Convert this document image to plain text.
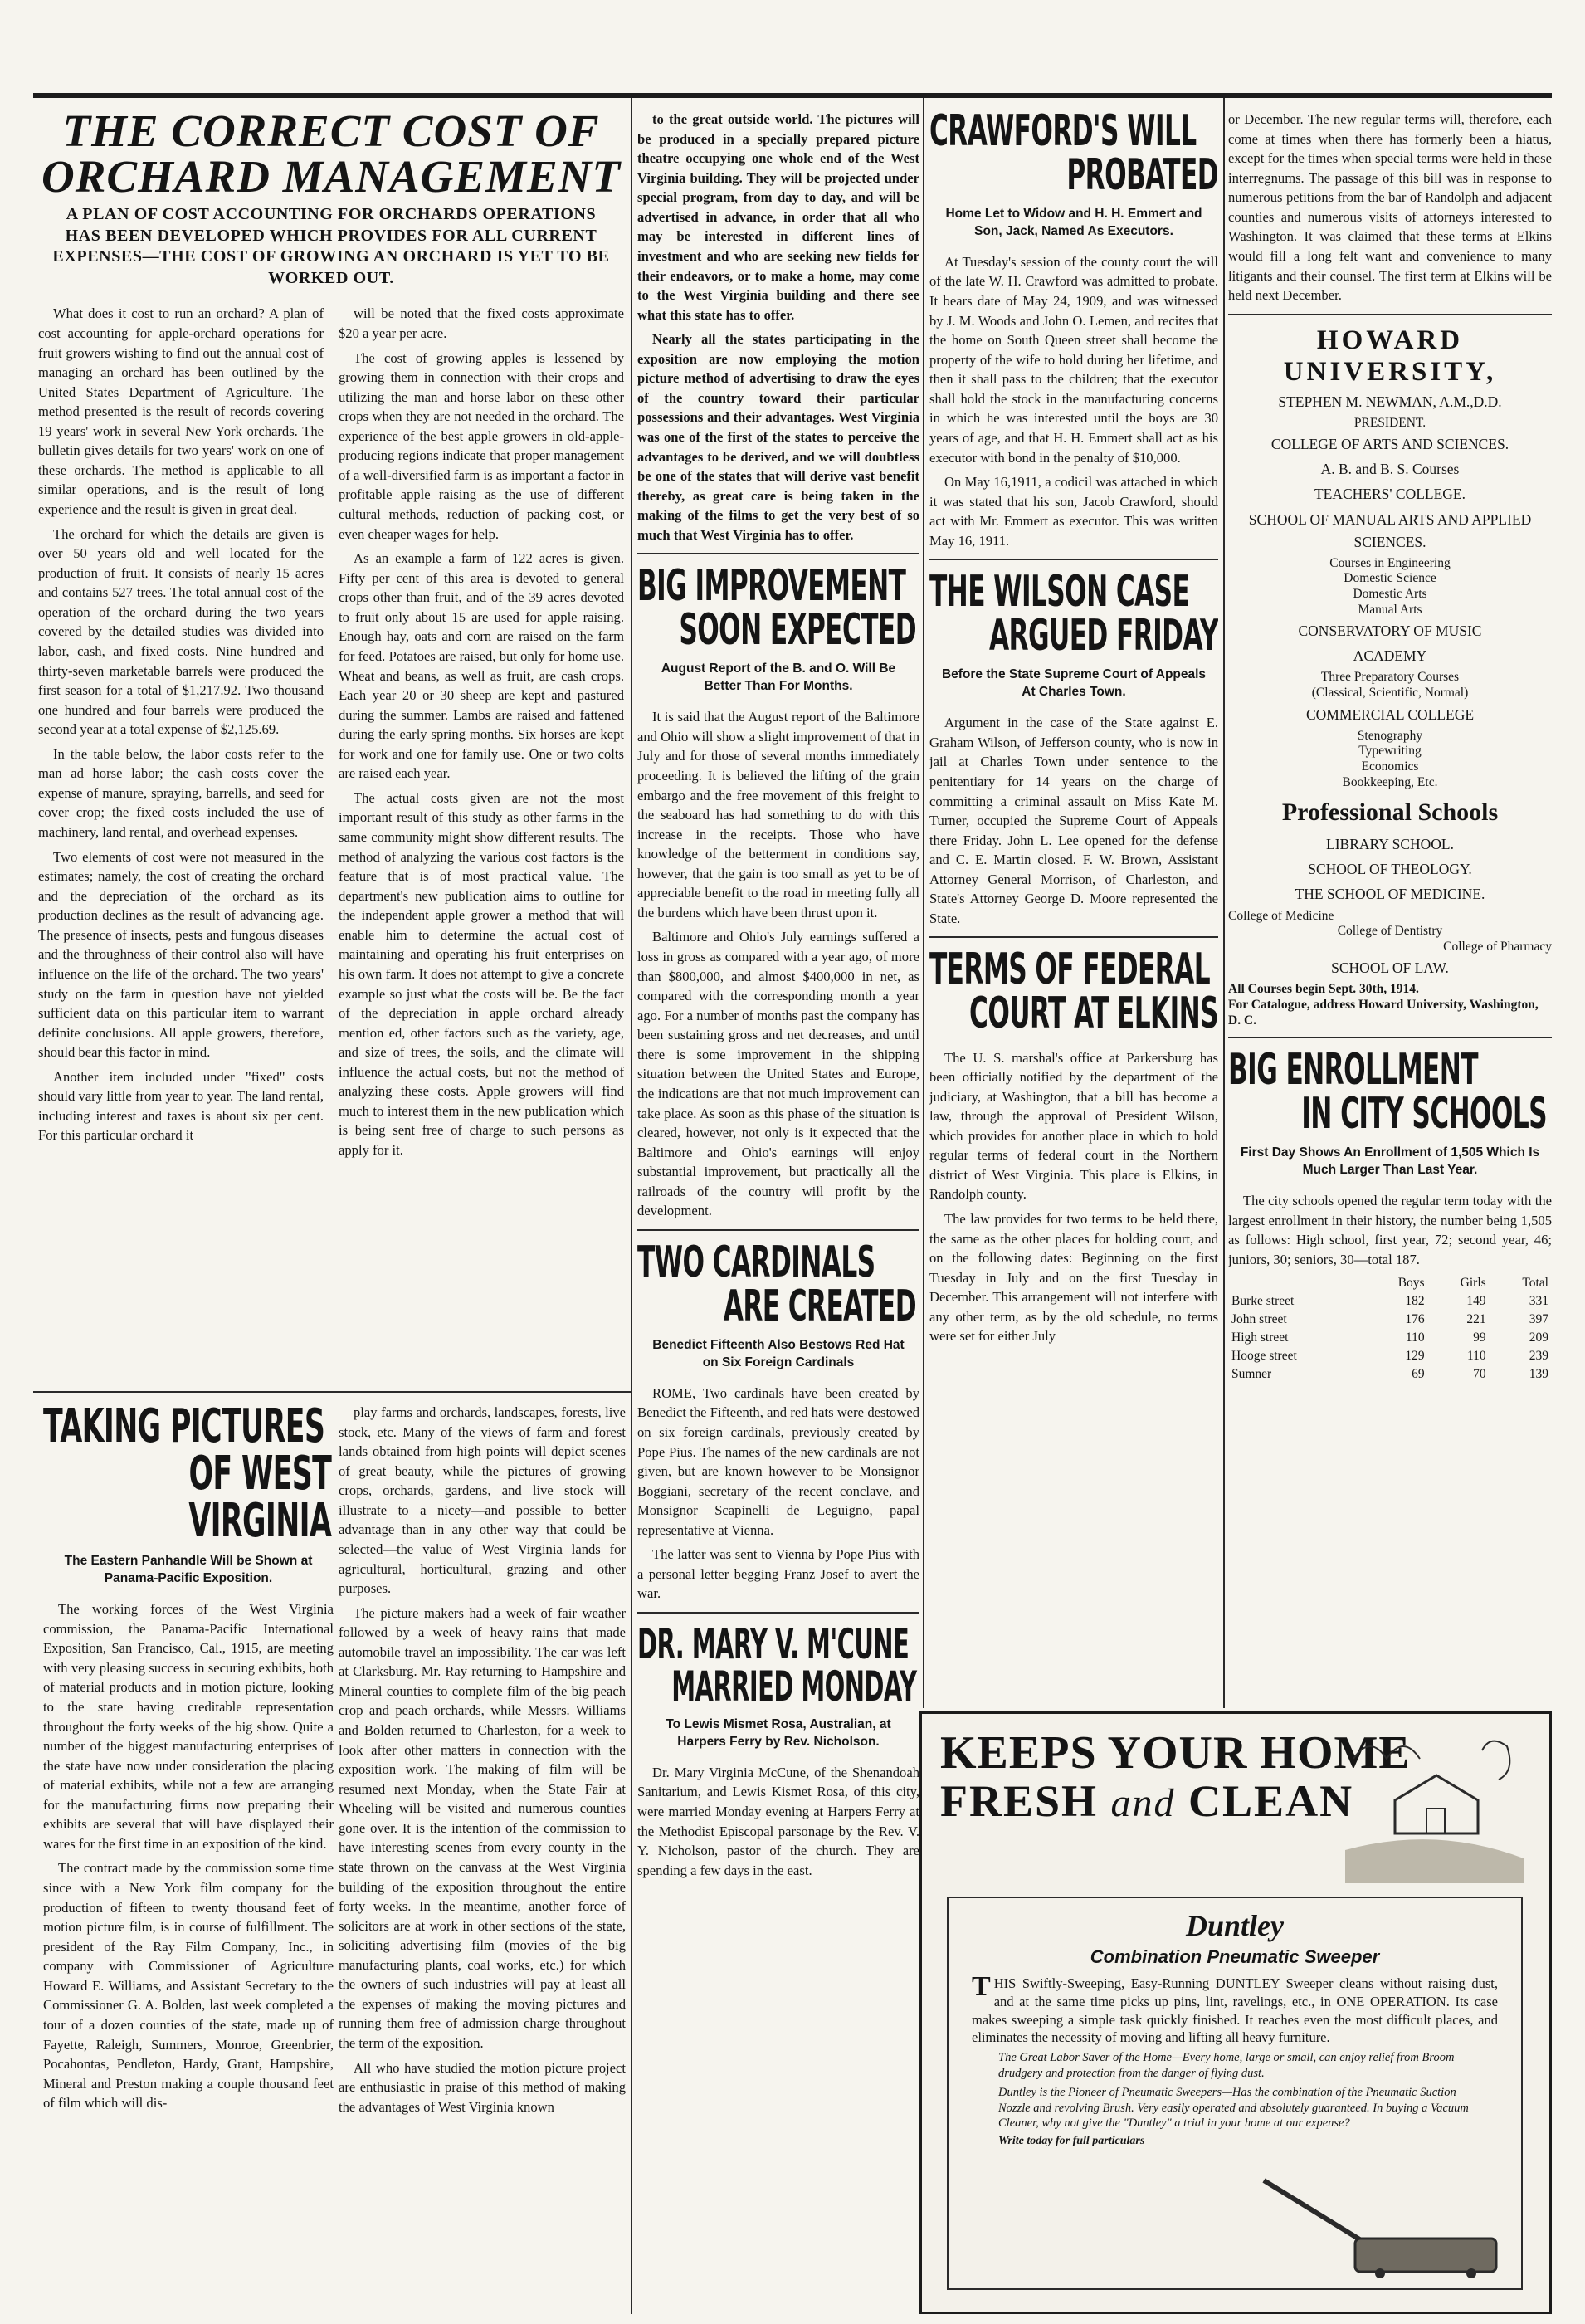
THE CORRECT COST OF
ORCHARD MANAGEMENT
A PLAN OF COST ACCOUNTING FOR ORCHARDS OPERATIONS HAS BEEN DEVELOPED WHICH PROVIDES FOR ALL CURRENT EXPENSES—THE COST OF GROWING AN ORCHARD IS YET TO BE WORKED OUT.

What does it cost to run an orchard? A plan of cost accounting for apple-orchard operations for fruit growers wishing to find out the annual cost of managing an orchard has been outlined by the United States Department of Agriculture. The method presented is the result of records covering 19 years' work in several New York orchards. The bulletin gives details for two years' work on one of these orchards. The method is applicable to all similar operations, and is the result of long experience and the result is given in great deal.

The orchard for which the details are given is over 50 years old and well located for the production of fruit. It consists of nearly 15 acres and contains 527 trees. The total annual cost of the operation of the orchard during the two years covered by the detailed studies was divided into labor, cash, and fixed costs. Nine hundred and thirty-seven marketable barrels were produced the first season for a total of $1,217.92. Two thousand one hundred and four barrels were produced the second year at a total expense of $2,125.69.

In the table below, the labor costs refer to the man ad horse labor; the cash costs cover the expense of manure, spraying, barrells, and seed for cover crop; the fixed costs included the use of machinery, land rental, and overhead expenses.

Two elements of cost were not measured in the estimates; namely, the cost of creating the orchard and the depreciation of the orchard as its production declines as the result of advancing age. The presence of insects, pests and fungous diseases and the throughness of their control also will have influence on the life of the orchard. The two years' study on the farm in question have not yielded sufficient data on this particular item to warrant definite conclusions. All apple growers, therefore, should bear this factor in mind.

Another item included under "fixed" costs should vary little from year to year. The land rental, including interest and taxes is about six per cent. For this particular orchard it

will be noted that the fixed costs approximate $20 a year per acre.

The cost of growing apples is lessened by growing them in connection with their crops and utilizing the man and horse labor on these other crops when they are not needed in the orchard. The experience of the best apple growers in old-apple-producing regions indicate that proper management of a well-diversified farm is as important a factor in profitable apple raising as the use of different cultural methods, reduction of packing cost, or even cheaper wages for help.

As an example a farm of 122 acres is given. Fifty per cent of this area is devoted to general crops other than fruit, and of the 39 acres devoted to fruit only about 15 are used for apple raising. Enough hay, oats and corn are raised on the farm for feed. Potatoes are raised, but only for home use. Wheat and beans, as well as fruit, are cash crops. Each year 20 or 30 sheep are kept and pastured during the summer. Lambs are raised and fattened during the early spring months. Six horses are kept for work and one for family use. One or two colts are raised each year.

The actual costs given are not the most important result of this study as other farms in the same community might show different results. The method of analyzing the various cost factors is the feature that is of most practical value. The department's new publication aims to outline for the independent apple grower a method that will enable him to determine the actual cost of maintaining and operating his fruit enterprises on his own farm. It does not attempt to give a concrete example so just what the costs will be. Be the fact of the depreciation in apple orchard already mention ed, other factors such as the variety, age, and size of trees, the soils, and the climate will influence the actual costs, but not the method of analyzing these costs. Apple growers will find much to interest them in the new publication which is being sent free of charge to such persons as apply for it.

TAKING PICTURES
OF WEST VIRGINIA
The Eastern Panhandle Will be Shown at Panama-Pacific Exposition.

The working forces of the West Virginia commission, the Panama-Pacific International Exposition, San Francisco, Cal., 1915, are meeting with very pleasing success in securing exhibits, both of material products and in motion picture, looking to the state having creditable representation throughout the forty weeks of the big show. Quite a number of the biggest manufacturing enterprises of the state have now under consideration the placing of material exhibits, while not a few are arranging for the manufacturing firms now preparing their exhibits are several that will have displayed their wares for the first time in an exposition of the kind.

The contract made by the commission some time since with a New York film company for the production of fifteen to twenty thousand feet of motion picture film, is in course of fulfillment. The president of the Ray Film Company, Inc., in company with Commissioner of Agriculture Howard E. Williams, and Assistant Secretary to the Commissioner G. A. Bolden, last week completed a tour of a dozen counties of the state, made up of Fayette, Raleigh, Summers, Monroe, Greenbrier, Pocahontas, Pendleton, Hardy, Grant, Hampshire, Mineral and Preston making a couple thousand feet of film which will dis-

play farms and orchards, landscapes, forests, live stock, etc. Many of the views of farm and forest lands obtained from high points will depict scenes of great beauty, while the pictures of growing crops, orchards, gardens, and live stock will illustrate to a nicety—and possible to better advantage than in any other way that could be selected—the value of West Virginia lands for agricultural, horticultural, grazing and other purposes.

The picture makers had a week of fair weather followed by a week of heavy rains that made automobile travel an impossibility. The car was left at Clarksburg. Mr. Ray returning to Hampshire and Mineral counties to complete film of the big peach crop and peach orchards, while Messrs. Williams and Bolden returned to Charleston, for a week to look after other matters in connection with the exposition work. The making of film will be resumed next Monday, when the State Fair at Wheeling will be visited and numerous counties gone over. It is the intention of the commission to have interesting scenes from every county in the state thrown on the canvass at the West Virginia building of the exposition throughout the entire forty weeks. In the meantime, another force of solicitors are at work in other sections of the state, soliciting advertising film (movies of the big manufacturing plants, coal works, etc.) for which the owners of such industries will pay at least all the expenses of making the moving pictures and running them free of admission charge throughout the term of the exposition.

All who have studied the motion picture project are enthusiastic in praise of this method of making the advantages of West Virginia known

to the great outside world. The pictures will be produced in a specially prepared picture theatre occupying one whole end of the West Virginia building. They will be projected under special program, from day to day, and will be advertised in advance, in order that all who may be interested in different lines of investment and who are seeking new fields for their endeavors, or to make a home, may come to the West Virginia building and there see what this state has to offer.

Nearly all the states participating in the exposition are now employing the motion picture method of advertising to draw the eyes of the country toward their particular possessions and their advantages. West Virginia was one of the first of the states to perceive the advantages to be derived, and we will doubtless be one of the states that will derive vast benefit thereby, as great care is being taken in the making of the films to get the very best of so much that West Virginia has to offer.

BIG IMPROVEMENT
SOON EXPECTED
August Report of the B. and O. Will Be Better Than For Months.

It is said that the August report of the Baltimore and Ohio will show a slight improvement of that in July and for those of several months immediately proceeding. It is believed the lifting of the grain embargo and the free movement of this freight to the seaboard has had something to do with this increase in the receipts. Those who have knowledge of the betterment in conditions say, however, that the gain is too small as yet to be of appreciable benefit to the road in meeting fully all the burdens which have been thrust upon it.

Baltimore and Ohio's July earnings suffered a loss in gross as compared with a year ago, of more than $800,000, and almost $400,000 in net, as compared with the corresponding month a year ago. For a number of months past the company has been sustaining gross and net decreases, and until there is some improvement in the shipping situation between the United States and Europe, the indications are that not much improvement can take place. As soon as this phase of the situation is cleared, however, not only is it expected that the Baltimore and Ohio's earnings will enjoy substantial improvement, but practically all the railroads of the country will profit by the development.

TWO CARDINALS
ARE CREATED
Benedict Fifteenth Also Bestows Red Hat on Six Foreign Cardinals

ROME, Two cardinals have been created by Benedict the Fifteenth, and red hats were destowed on six foreign cardinals, previously created by Pope Pius. The names of the new cardinals are not given, but are known however to be Monsignor Boggiani, secretary of the recent conclave, and Monsignor Scapinelli de Leguigno, papal representative at Vienna.

The latter was sent to Vienna by Pope Pius with a personal letter begging Franz Josef to avert the war.

DR. MARY V. M'CUNE
MARRIED MONDAY
To Lewis Mismet Rosa, Australian, at Harpers Ferry by Rev. Nicholson.

Dr. Mary Virginia McCune, of the Shenandoah Sanitarium, and Lewis Kismet Rosa, of this city, were married Monday evening at Harpers Ferry at the Methodist Episcopal parsonage by the Rev. V. Y. Nicholson, pastor of the church. They are spending a few days in the east.

CRAWFORD'S WILL
PROBATED
Home Let to Widow and H. H. Emmert and Son, Jack, Named As Executors.

At Tuesday's session of the county court the will of the late W. H. Crawford was admitted to probate. It bears date of May 24, 1909, and was witnessed by J. M. Woods and John O. Lemen, and recites that the home on South Queen street shall become the property of the wife to hold during her lifetime, and then it shall pass to the children; that the executor shall hold the stock in the manufacturing concerns in which he was interested until the boys are 30 years of age, and that H. H. Emmert shall act as his executor with bond in the penalty of $10,000.

On May 16,1911, a codicil was attached in which it was stated that his son, Jacob Crawford, should act with Mr. Emmert as executor. This was written May 16, 1911.

THE WILSON CASE
ARGUED FRIDAY
Before the State Supreme Court of Appeals At Charles Town.

Argument in the case of the State against E. Graham Wilson, of Jefferson county, who is now in jail at Charles Town under sentence to the penitentiary for 14 years on the charge of committing a criminal assault on Miss Kate M. Turner, occupied the Supreme Court of Appeals there Friday. John L. Lee opened for the defense and C. E. Martin closed. F. W. Brown, Assistant Attorney General Morrison, of Charleston, and State's Attorney George D. Moore represented the State.

TERMS OF FEDERAL
COURT AT ELKINS

The U. S. marshal's office at Parkersburg has been officially notified by the department of the judiciary, at Washington, that a bill has become a law, through the approval of President Wilson, which provides for another place in which to hold regular terms of federal court in the Northern district of West Virginia. This place is Elkins, in Randolph county.

The law provides for two terms to be held there, the same as the other places for holding court, and on the following dates: Beginning on the first Tuesday in July and on the first Tuesday in December. This arrangement will not interfere with any other term, as by the old schedule, no terms were set for either July

or December. The new regular terms will, therefore, each come at times when there has formerly been a hiatus, except for the times when special terms were held in these interregnums. The passage of this bill was in response to numerous petitions from the bar of Randolph and adjacent counties and numerous visits of attorneys interested to Washington. It was claimed that these terms at Elkins would fill a long felt want and convenience to many litigants and their counsel. The first term at Elkins will be held next December.

HOWARD
UNIVERSITY,
STEPHEN M. NEWMAN, A.M.,D.D.
PRESIDENT.
COLLEGE OF ARTS AND SCIENCES.
A. B. and B. S. Courses
TEACHERS' COLLEGE.
SCHOOL OF MANUAL ARTS AND APPLIED SCIENCES.
Courses in Engineering
Domestic Science
Domestic Arts
Manual Arts
CONSERVATORY OF MUSIC
ACADEMY
Three Preparatory Courses
(Classical, Scientific, Normal)
COMMERCIAL COLLEGE
Stenography
Typewriting
Economics
Bookkeeping, Etc.
Professional Schools
LIBRARY SCHOOL.
SCHOOL OF THEOLOGY.
THE SCHOOL OF MEDICINE.
College of Medicine
College of Dentistry
College of Pharmacy
SCHOOL OF LAW.
All Courses begin Sept. 30th, 1914.
For Catalogue, address Howard University, Washington, D. C.
BIG ENROLLMENT
IN CITY SCHOOLS
First Day Shows An Enrollment of 1,505 Which Is Much Larger Than Last Year.

The city schools opened the regular term today with the largest enrollment in their history, the number being 1,505 as follows: High school, first year, 72; second year, 46; juniors, 30; seniors, 30—total 187.

	Boys	Girls	Total
Burke street	182	149	331
John street	176	221	397
High street	110	99	209
Hooge street	129	110	239
Sumner	69	70	139
KEEPS YOUR HOME
FRESH and CLEAN
Duntley
Combination Pneumatic Sweeper
THIS Swiftly-Sweeping, Easy-Running DUNTLEY Sweeper cleans without raising dust, and at the same time picks up pins, lint, ravelings, etc., in ONE OPERATION. Its case makes sweeping a simple task quickly finished. It reaches even the most difficult places, and eliminates the necessity of moving and lifting all heavy furniture.
The Great Labor Saver of the Home—Every home, large or small, can enjoy relief from Broom drudgery and protection from the danger of flying dust.
Duntley is the Pioneer of Pneumatic Sweepers—Has the combination of the Pneumatic Suction Nozzle and revolving Brush. Very easily operated and absolutely guaranteed. In buying a Vacuum Cleaner, why not give the "Duntley" a trial in your home at our expense?
Write today for full particulars
